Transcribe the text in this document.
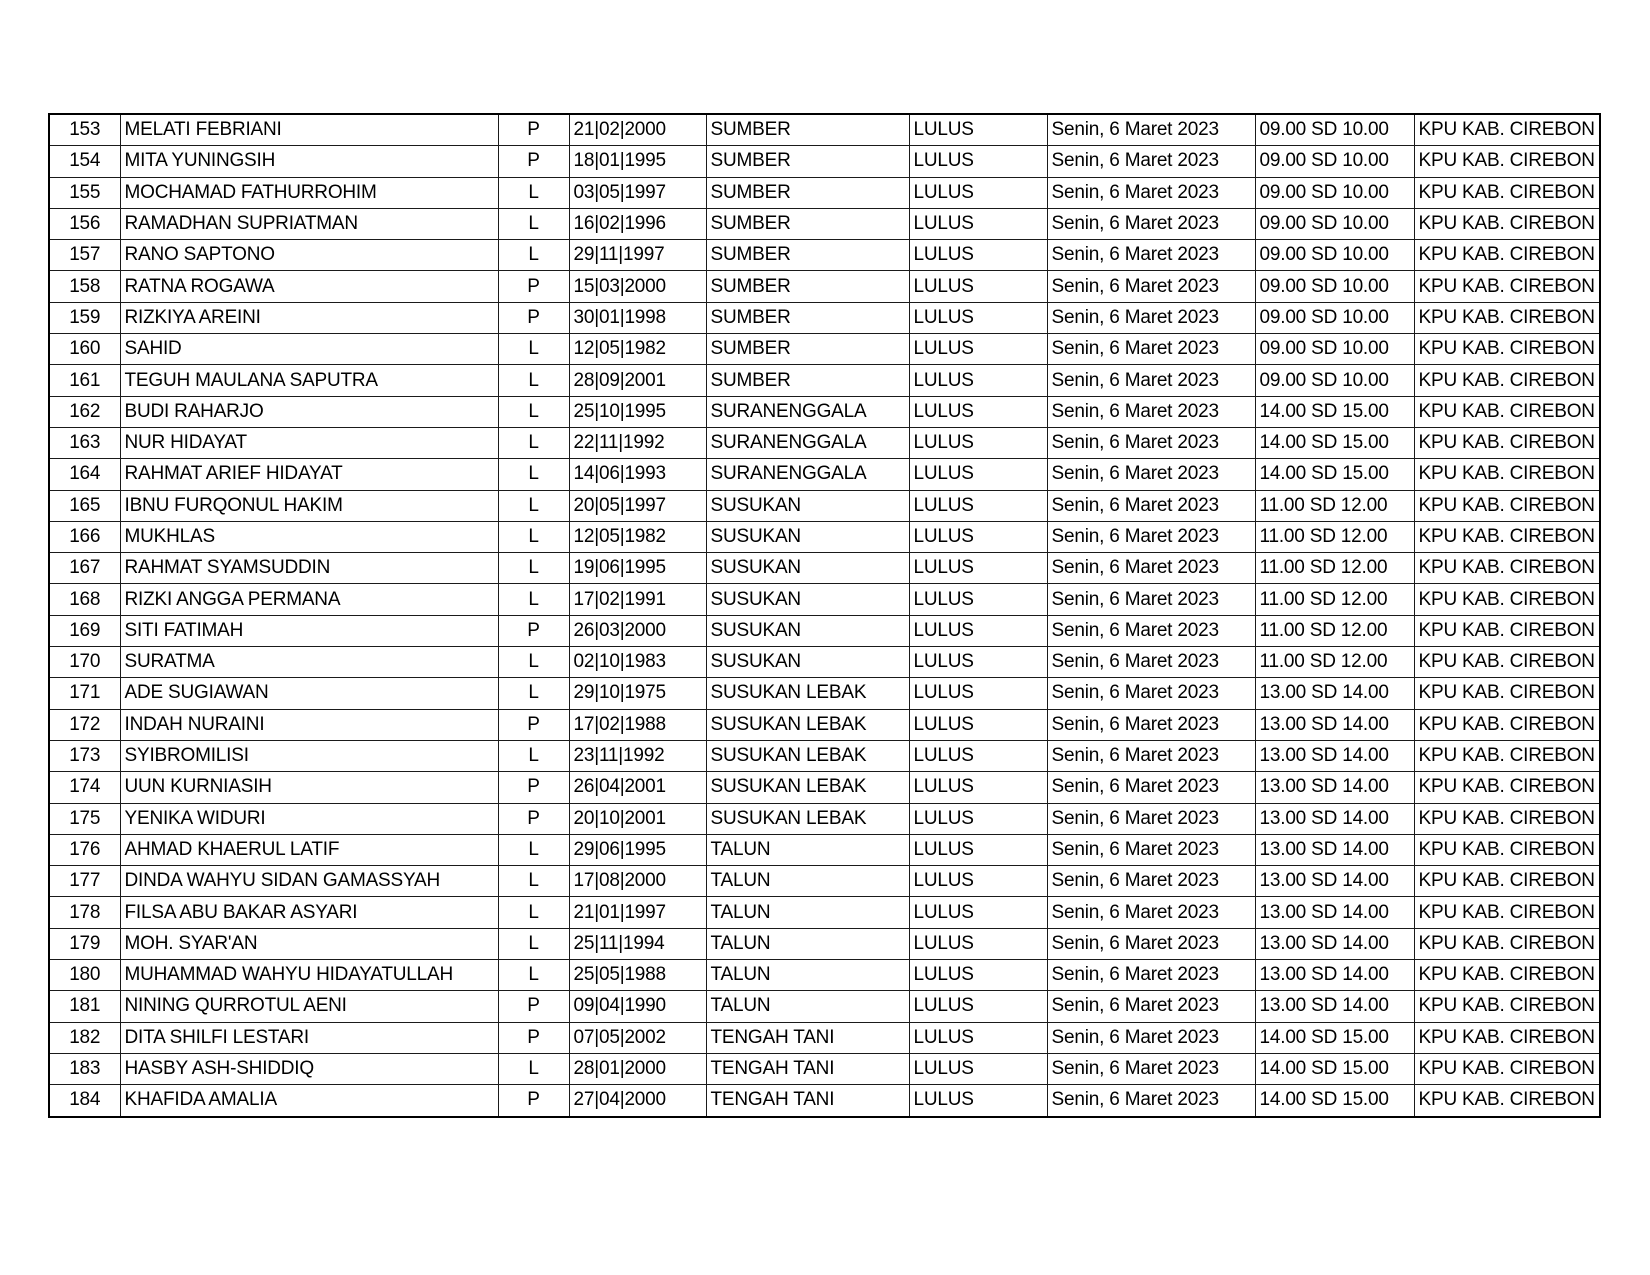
153	MELATI FEBRIANI	P	21|02|2000	SUMBER	LULUS	Senin, 6 Maret 2023	09.00 SD 10.00	KPU KAB. CIREBON
154	MITA YUNINGSIH	P	18|01|1995	SUMBER	LULUS	Senin, 6 Maret 2023	09.00 SD 10.00	KPU KAB. CIREBON
155	MOCHAMAD FATHURROHIM	L	03|05|1997	SUMBER	LULUS	Senin, 6 Maret 2023	09.00 SD 10.00	KPU KAB. CIREBON
156	RAMADHAN SUPRIATMAN	L	16|02|1996	SUMBER	LULUS	Senin, 6 Maret 2023	09.00 SD 10.00	KPU KAB. CIREBON
157	RANO SAPTONO	L	29|11|1997	SUMBER	LULUS	Senin, 6 Maret 2023	09.00 SD 10.00	KPU KAB. CIREBON
158	RATNA ROGAWA	P	15|03|2000	SUMBER	LULUS	Senin, 6 Maret 2023	09.00 SD 10.00	KPU KAB. CIREBON
159	RIZKIYA AREINI	P	30|01|1998	SUMBER	LULUS	Senin, 6 Maret 2023	09.00 SD 10.00	KPU KAB. CIREBON
160	SAHID	L	12|05|1982	SUMBER	LULUS	Senin, 6 Maret 2023	09.00 SD 10.00	KPU KAB. CIREBON
161	TEGUH MAULANA SAPUTRA	L	28|09|2001	SUMBER	LULUS	Senin, 6 Maret 2023	09.00 SD 10.00	KPU KAB. CIREBON
162	BUDI RAHARJO	L	25|10|1995	SURANENGGALA	LULUS	Senin, 6 Maret 2023	14.00 SD 15.00	KPU KAB. CIREBON
163	NUR HIDAYAT	L	22|11|1992	SURANENGGALA	LULUS	Senin, 6 Maret 2023	14.00 SD 15.00	KPU KAB. CIREBON
164	RAHMAT ARIEF HIDAYAT	L	14|06|1993	SURANENGGALA	LULUS	Senin, 6 Maret 2023	14.00 SD 15.00	KPU KAB. CIREBON
165	IBNU FURQONUL HAKIM	L	20|05|1997	SUSUKAN	LULUS	Senin, 6 Maret 2023	11.00 SD 12.00	KPU KAB. CIREBON
166	MUKHLAS	L	12|05|1982	SUSUKAN	LULUS	Senin, 6 Maret 2023	11.00 SD 12.00	KPU KAB. CIREBON
167	RAHMAT SYAMSUDDIN	L	19|06|1995	SUSUKAN	LULUS	Senin, 6 Maret 2023	11.00 SD 12.00	KPU KAB. CIREBON
168	RIZKI ANGGA PERMANA	L	17|02|1991	SUSUKAN	LULUS	Senin, 6 Maret 2023	11.00 SD 12.00	KPU KAB. CIREBON
169	SITI FATIMAH	P	26|03|2000	SUSUKAN	LULUS	Senin, 6 Maret 2023	11.00 SD 12.00	KPU KAB. CIREBON
170	SURATMA	L	02|10|1983	SUSUKAN	LULUS	Senin, 6 Maret 2023	11.00 SD 12.00	KPU KAB. CIREBON
171	ADE SUGIAWAN	L	29|10|1975	SUSUKAN LEBAK	LULUS	Senin, 6 Maret 2023	13.00 SD 14.00	KPU KAB. CIREBON
172	INDAH NURAINI	P	17|02|1988	SUSUKAN LEBAK	LULUS	Senin, 6 Maret 2023	13.00 SD 14.00	KPU KAB. CIREBON
173	SYIBROMILISI	L	23|11|1992	SUSUKAN LEBAK	LULUS	Senin, 6 Maret 2023	13.00 SD 14.00	KPU KAB. CIREBON
174	UUN KURNIASIH	P	26|04|2001	SUSUKAN LEBAK	LULUS	Senin, 6 Maret 2023	13.00 SD 14.00	KPU KAB. CIREBON
175	YENIKA WIDURI	P	20|10|2001	SUSUKAN LEBAK	LULUS	Senin, 6 Maret 2023	13.00 SD 14.00	KPU KAB. CIREBON
176	AHMAD KHAERUL LATIF	L	29|06|1995	TALUN	LULUS	Senin, 6 Maret 2023	13.00 SD 14.00	KPU KAB. CIREBON
177	DINDA WAHYU SIDAN GAMASSYAH	L	17|08|2000	TALUN	LULUS	Senin, 6 Maret 2023	13.00 SD 14.00	KPU KAB. CIREBON
178	FILSA ABU BAKAR ASYARI	L	21|01|1997	TALUN	LULUS	Senin, 6 Maret 2023	13.00 SD 14.00	KPU KAB. CIREBON
179	MOH. SYAR'AN	L	25|11|1994	TALUN	LULUS	Senin, 6 Maret 2023	13.00 SD 14.00	KPU KAB. CIREBON
180	MUHAMMAD WAHYU HIDAYATULLAH	L	25|05|1988	TALUN	LULUS	Senin, 6 Maret 2023	13.00 SD 14.00	KPU KAB. CIREBON
181	NINING QURROTUL AENI	P	09|04|1990	TALUN	LULUS	Senin, 6 Maret 2023	13.00 SD 14.00	KPU KAB. CIREBON
182	DITA SHILFI LESTARI	P	07|05|2002	TENGAH TANI	LULUS	Senin, 6 Maret 2023	14.00 SD 15.00	KPU KAB. CIREBON
183	HASBY ASH-SHIDDIQ	L	28|01|2000	TENGAH TANI	LULUS	Senin, 6 Maret 2023	14.00 SD 15.00	KPU KAB. CIREBON
184	KHAFIDA AMALIA	P	27|04|2000	TENGAH TANI	LULUS	Senin, 6 Maret 2023	14.00 SD 15.00	KPU KAB. CIREBON
